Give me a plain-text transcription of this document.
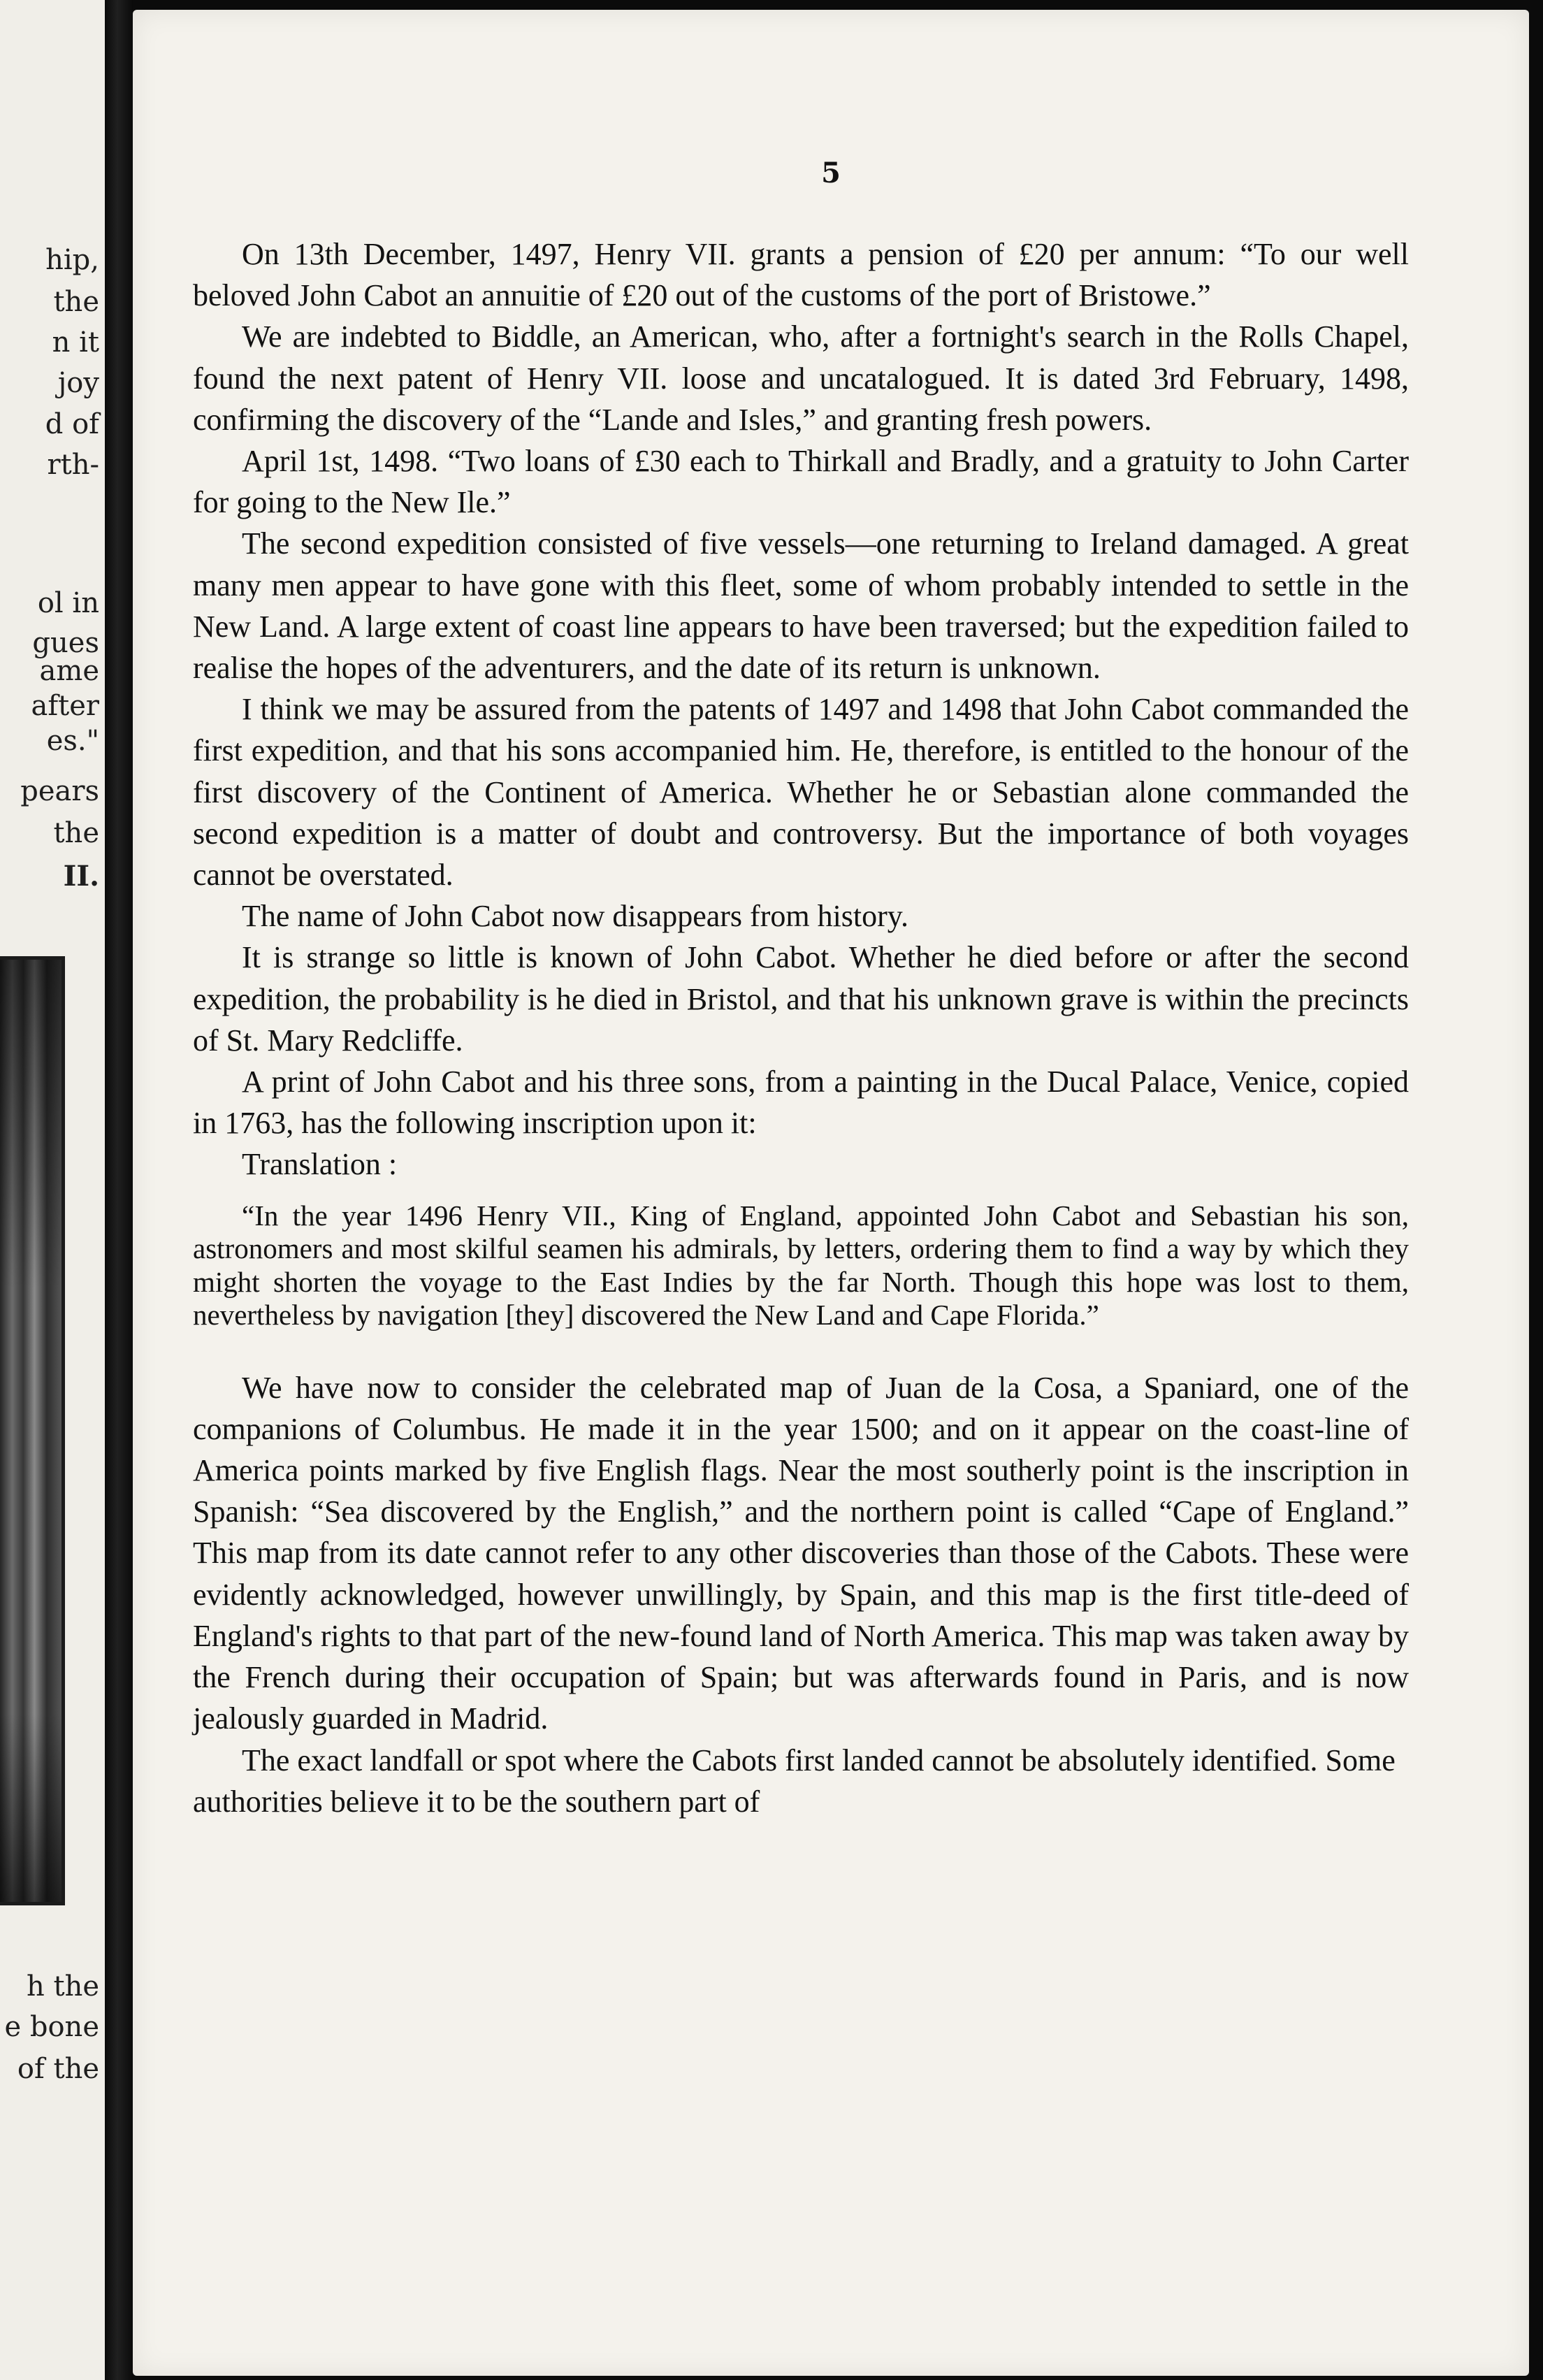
hip,

the

n it

joy

d of

rth-

ol in

gues

ame

after

es."

pears

the

II.

h the

e bone

of the

5

On 13th December, 1497, Henry VII. grants a pension of £20 per annum: “To our well beloved John Cabot an annuitie of £20 out of the customs of the port of Bristowe.”

We are indebted to Biddle, an American, who, after a fortnight's search in the Rolls Chapel, found the next patent of Henry VII. loose and uncatalogued. It is dated 3rd February, 1498, confirming the discovery of the “Lande and Isles,” and granting fresh powers.

April 1st, 1498. “Two loans of £30 each to Thirkall and Bradly, and a gratuity to John Carter for going to the New Ile.”

The second expedition consisted of five vessels—one returning to Ireland damaged. A great many men appear to have gone with this fleet, some of whom probably intended to settle in the New Land. A large extent of coast line appears to have been traversed; but the expedition failed to realise the hopes of the adventurers, and the date of its return is unknown.

I think we may be assured from the patents of 1497 and 1498 that John Cabot commanded the first expedition, and that his sons accompanied him. He, therefore, is entitled to the honour of the first discovery of the Continent of America. Whether he or Sebastian alone commanded the second expedition is a matter of doubt and controversy. But the importance of both voyages cannot be overstated.

The name of John Cabot now disappears from history.

It is strange so little is known of John Cabot. Whether he died before or after the second expedition, the probability is he died in Bristol, and that his unknown grave is within the precincts of St. Mary Redcliffe.

A print of John Cabot and his three sons, from a painting in the Ducal Palace, Venice, copied in 1763, has the following inscription upon it:

Translation :

“In the year 1496 Henry VII., King of England, appointed John Cabot and Sebastian his son, astronomers and most skilful seamen his admirals, by letters, ordering them to find a way by which they might shorten the voyage to the East Indies by the far North. Though this hope was lost to them, nevertheless by navigation [they] discovered the New Land and Cape Florida.”

We have now to consider the celebrated map of Juan de la Cosa, a Spaniard, one of the companions of Columbus. He made it in the year 1500; and on it appear on the coast-line of America points marked by five English flags. Near the most southerly point is the inscription in Spanish: “Sea discovered by the English,” and the northern point is called “Cape of England.” This map from its date cannot refer to any other discoveries than those of the Cabots. These were evidently acknowledged, however unwillingly, by Spain, and this map is the first title-deed of England's rights to that part of the new-found land of North America. This map was taken away by the French during their occupation of Spain; but was afterwards found in Paris, and is now jealously guarded in Madrid.

The exact landfall or spot where the Cabots first landed cannot be absolutely identified. Some authorities believe it to be the southern part of
